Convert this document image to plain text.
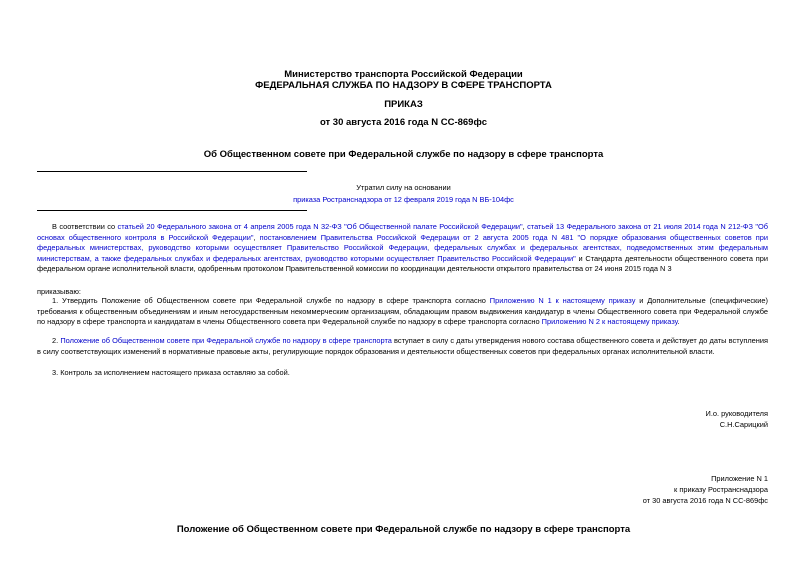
Министерство транспорта Российской Федерации
ФЕДЕРАЛЬНАЯ СЛУЖБА ПО НАДЗОРУ В СФЕРЕ ТРАНСПОРТА
ПРИКАЗ
от 30 августа 2016 года N СС-869фс
Об Общественном совете при Федеральной службе по надзору в сфере транспорта
Утратил силу на основании
приказа Ространснадзора от 12 февраля 2019 года N ВБ-104фс
В соответствии со статьей 20 Федерального закона от 4 апреля 2005 года N 32-ФЗ "Об Общественной палате Российской Федерации", статьей 13 Федерального закона от 21 июля 2014 года N 212-ФЗ "Об основах общественного контроля в Российской Федерации", постановлением Правительства Российской Федерации от 2 августа 2005 года N 481 "О порядке образования общественных советов при федеральных министерствах, руководство которыми осуществляет Правительство Российской Федерации, федеральных службах и федеральных агентствах, подведомственных этим федеральным министерствам, а также федеральных службах и федеральных агентствах, руководство которыми осуществляет Правительство Российской Федерации" и Стандартa деятельности общественного совета при федеральном органе исполнительной власти, одобренным протоколом Правительственной комиссии по координации деятельности открытого правительства от 24 июня 2015 года N 3
приказываю:
1. Утвердить Положение об Общественном совете при Федеральной службе по надзору в сфере транспорта согласно Приложению N 1 к настоящему приказу и Дополнительные (специфические) требования к общественным объединениям и иным негосударственным некоммерческим организациям, обладающим правом выдвижения кандидатур в члены Общественного совета при Федеральной службе по надзору в сфере транспорта и кандидатам в члены Общественного совета при Федеральной службе по надзору в сфере транспорта согласно Приложению N 2 к настоящему приказу.
2. Положение об Общественном совете при Федеральной службе по надзору в сфере транспорта вступает в силу с даты утверждения нового состава общественного совета и действует до даты вступления в силу соответствующих изменений в нормативные правовые акты, регулирующие порядок образования и деятельности общественных советов при федеральных органах исполнительной власти.
3. Контроль за исполнением настоящего приказа оставляю за собой.
И.о. руководителя
С.Н.Сарицкий
Приложение N 1
к приказу Ространснадзора
от 30 августа 2016 года N СС-869фс
Положение об Общественном совете при Федеральной службе по надзору в сфере транспорта
